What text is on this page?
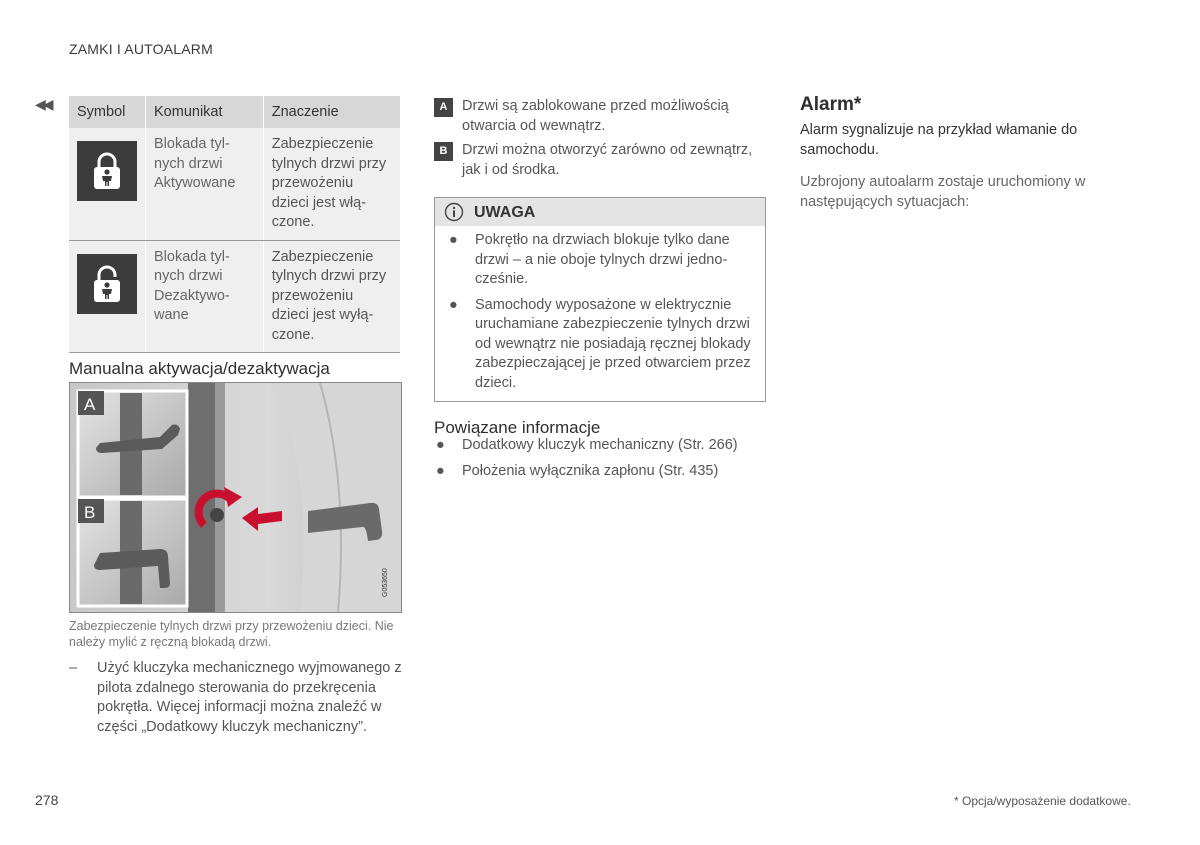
ZAMKI I AUTOALARM
◀◀ Symbol	Komunikat	Znaczenie

	Blokada tylnych drzwi Aktywowane	Zabezpieczenie tylnych drzwi przy przewożeniu dzieci jest włączone.

	Blokada tylnych drzwi Dezaktywowane	Zabezpieczenie tylnych drzwi przy przewożeniu dzieci jest wyłączone.
Manualna aktywacja/dezaktywacja
A
B
G053650
Zabezpieczenie tylnych drzwi przy przewożeniu dzieci. Nie należy mylić z ręczną blokadą drzwi.
– Użyć kluczyka mechanicznego wyjmowanego z pilota zdalnego sterowania do przekręcenia pokrętła. Więcej informacji można znaleźć w części „Dodatkowy kluczyk mechaniczny”.
A	Drzwi są zablokowane przed możliwością otwarcia od wewnątrz.
B	Drzwi można otworzyć zarówno od zewnątrz, jak i od środka.
UWAGA
● Pokrętło na drzwiach blokuje tylko dane drzwi – a nie oboje tylnych drzwi jednocześnie.
● Samochody wyposażone w elektrycznie uruchamiane zabezpieczenie tylnych drzwi od wewnątrz nie posiadają ręcznej blokady zabezpieczającej je przed otwarciem przez dzieci.
Powiązane informacje
● Dodatkowy kluczyk mechaniczny (Str. 266)
● Położenia wyłącznika zapłonu (Str. 435)
Alarm*
Alarm sygnalizuje na przykład włamanie do samochodu.
Uzbrojony autoalarm zostaje uruchomiony w następujących sytuacjach:
278	* Opcja/wyposażenie dodatkowe.
